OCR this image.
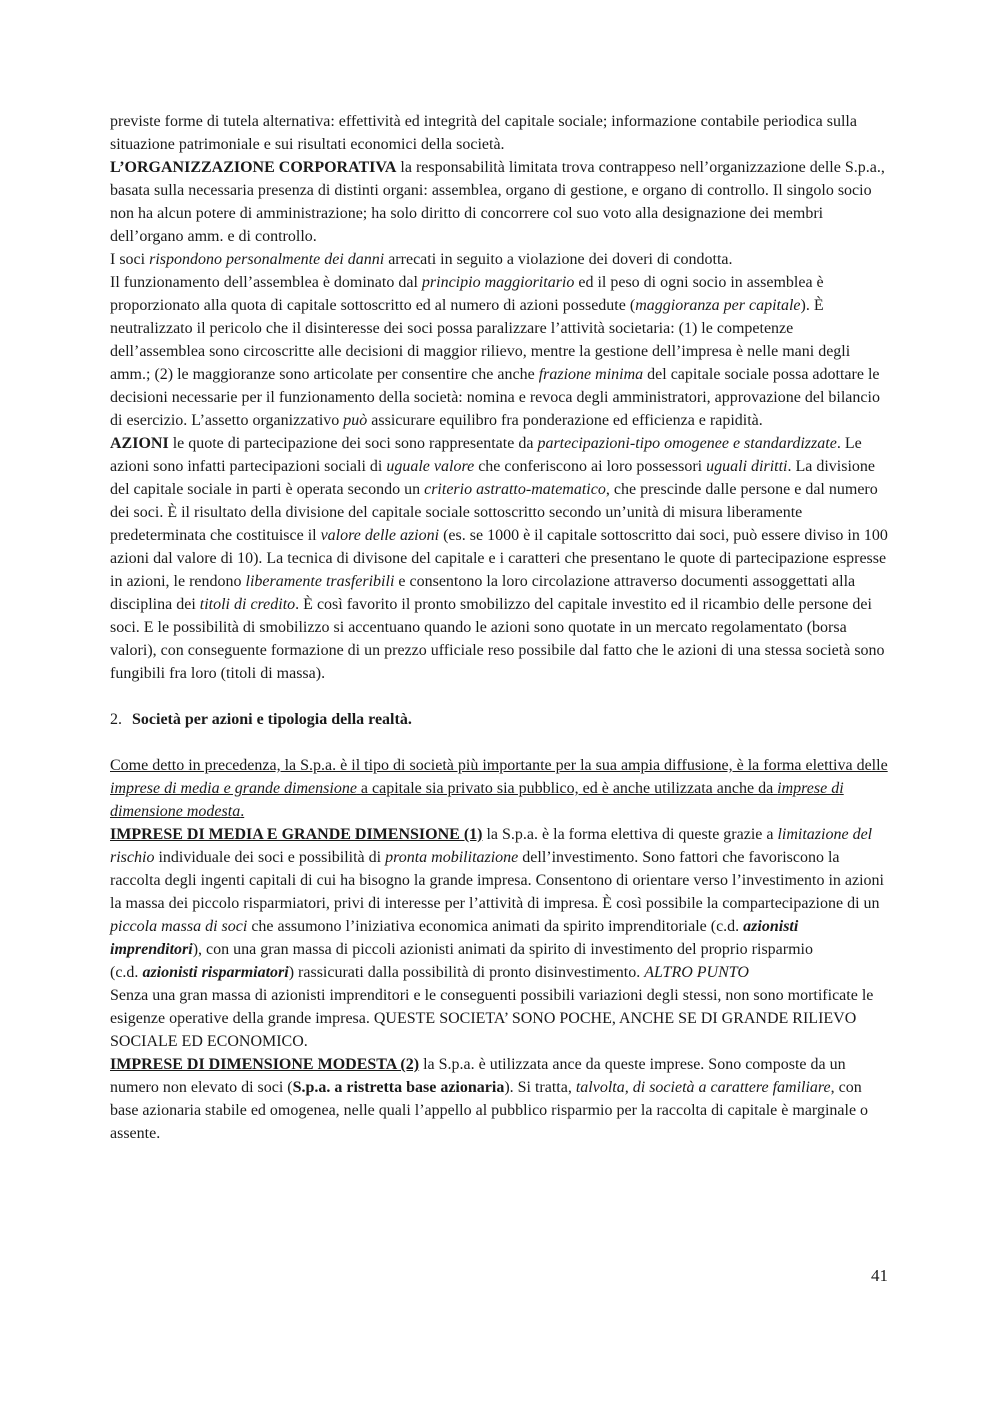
previste forme di tutela alternativa: effettività ed integrità del capitale sociale; informazione contabile periodica sulla situazione patrimoniale e sui risultati economici della società.

L’ORGANIZZAZIONE CORPORATIVA la responsabilità limitata trova contrappeso nell’organizzazione delle S.p.a., basata sulla necessaria presenza di distinti organi: assemblea, organo di gestione, e organo di controllo. Il singolo socio non ha alcun potere di amministrazione; ha solo diritto di concorrere col suo voto alla designazione dei membri dell’organo amm. e di controllo.

I soci rispondono personalmente dei danni arrecati in seguito a violazione dei doveri di condotta.

Il funzionamento dell’assemblea è dominato dal principio maggioritario ed il peso di ogni socio in assemblea è proporzionato alla quota di capitale sottoscritto ed al numero di azioni possedute (maggioranza per capitale). È neutralizzato il pericolo che il disinteresse dei soci possa paralizzare l’attività societaria: (1) le competenze dell’assemblea sono circoscritte alle decisioni di maggior rilievo, mentre la gestione dell’impresa è nelle mani degli amm.; (2) le maggioranze sono articolate per consentire che anche frazione minima del capitale sociale possa adottare le decisioni necessarie per il funzionamento della società: nomina e revoca degli amministratori, approvazione del bilancio di esercizio. L’assetto organizzativo può assicurare equilibro fra ponderazione ed efficienza e rapidità.

AZIONI le quote di partecipazione dei soci sono rappresentate da partecipazioni-tipo omogenee e standardizzate. Le azioni sono infatti partecipazioni sociali di uguale valore che conferiscono ai loro possessori uguali diritti. La divisione del capitale sociale in parti è operata secondo un criterio astratto-matematico, che prescinde dalle persone e dal numero dei soci. È il risultato della divisione del capitale sociale sottoscritto secondo un’unità di misura liberamente predeterminata che costituisce il valore delle azioni (es. se 1000 è il capitale sottoscritto dai soci, può essere diviso in 100 azioni dal valore di 10). La tecnica di divisone del capitale e i caratteri che presentano le quote di partecipazione espresse in azioni, le rendono liberamente trasferibili e consentono la loro circolazione attraverso documenti assoggettati alla disciplina dei titoli di credito. È così favorito il pronto smobilizzo del capitale investito ed il ricambio delle persone dei soci. E le possibilità di smobilizzo si accentuano quando le azioni sono quotate in un mercato regolamentato (borsa valori), con conseguente formazione di un prezzo ufficiale reso possibile dal fatto che le azioni di una stessa società sono fungibili fra loro (titoli di massa).

2. Società per azioni e tipologia della realtà.

Come detto in precedenza, la S.p.a. è il tipo di società più importante per la sua ampia diffusione, è la forma elettiva delle imprese di media e grande dimensione a capitale sia privato sia pubblico, ed è anche utilizzata anche da imprese di dimensione modesta.

IMPRESE DI MEDIA E GRANDE DIMENSIONE (1) la S.p.a. è la forma elettiva di queste grazie a limitazione del rischio individuale dei soci e possibilità di pronta mobilitazione dell’investimento. Sono fattori che favoriscono la raccolta degli ingenti capitali di cui ha bisogno la grande impresa. Consentono di orientare verso l’investimento in azioni la massa dei piccolo risparmiatori, privi di interesse per l’attività di impresa. È così possibile la compartecipazione di un piccola massa di soci che assumono l’iniziativa economica animati da spirito imprenditoriale (c.d. azionisti imprenditori), con una gran massa di piccoli azionisti animati da spirito di investimento del proprio risparmio

(c.d. azionisti risparmiatori) rassicurati dalla possibilità di pronto disinvestimento. ALTRO PUNTO

Senza una gran massa di azionisti imprenditori e le conseguenti possibili variazioni degli stessi, non sono mortificate le esigenze operative della grande impresa. QUESTE SOCIETA’ SONO POCHE, ANCHE SE DI GRANDE RILIEVO SOCIALE ED ECONOMICO.

IMPRESE DI DIMENSIONE MODESTA (2) la S.p.a. è utilizzata ance da queste imprese. Sono composte da un numero non elevato di soci (S.p.a. a ristretta base azionaria). Si tratta, talvolta, di società a carattere familiare, con base azionaria stabile ed omogenea, nelle quali l’appello al pubblico risparmio per la raccolta di capitale è marginale o assente.

41
